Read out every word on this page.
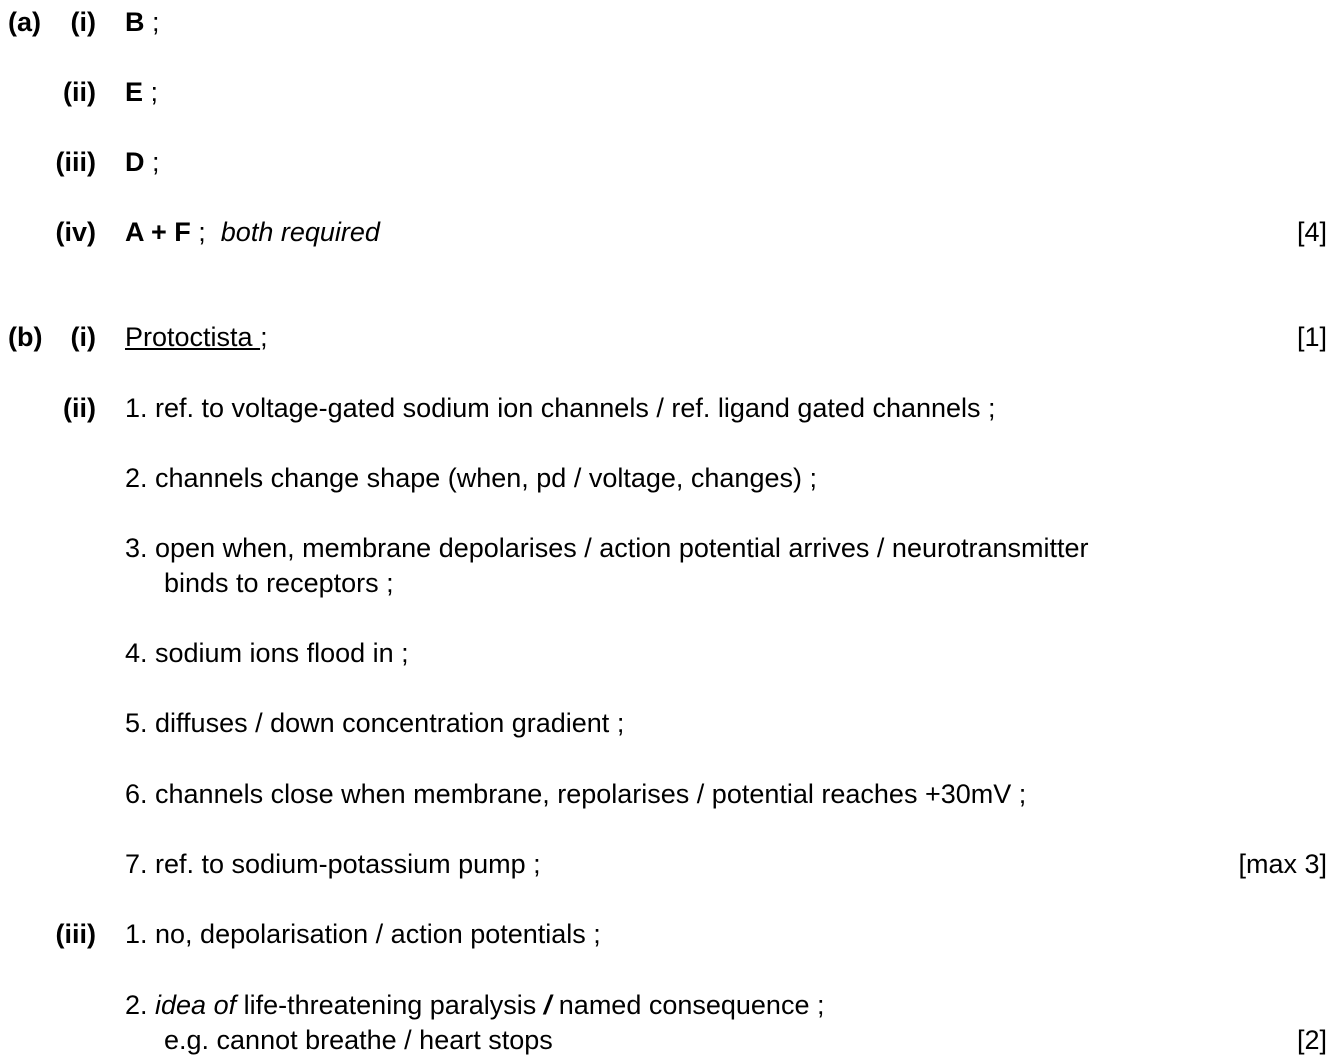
(a)	(i) B ;
(ii) E ;
(iii) D ;
(iv) A + F ;  both required	[4]
(b)	(i) Protoctista ;	[1]
(ii) 1. ref. to voltage-gated sodium ion channels / ref. ligand gated channels ;
2. channels change shape (when, pd / voltage, changes) ;
3. open when, membrane depolarises / action potential arrives / neurotransmitter
binds to receptors ;
4. sodium ions flood in ;
5. diffuses / down concentration gradient ;
6. channels close when membrane, repolarises / potential reaches +30mV ;
7. ref. to sodium-potassium pump ;	[max 3]
(iii) 1. no, depolarisation / action potentials ;
2. idea of life-threatening paralysis / named consequence ;
e.g. cannot breathe / heart stops	[2]
